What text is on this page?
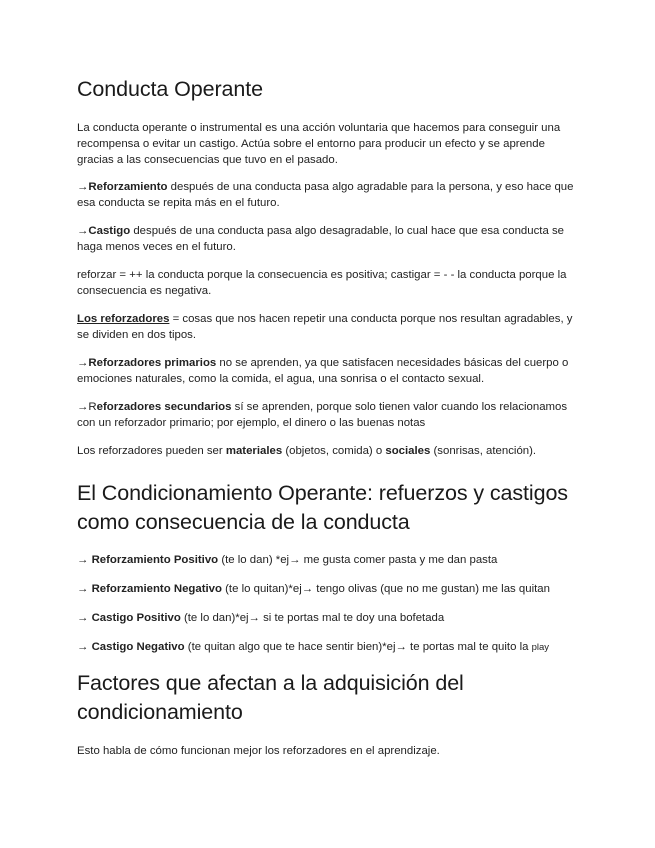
Conducta Operante

La conducta operante o instrumental es una acción voluntaria que hacemos para conseguir una recompensa o evitar un castigo. Actúa sobre el entorno para producir un efecto y se aprende gracias a las consecuencias que tuvo en el pasado.

→Reforzamiento después de una conducta pasa algo agradable para la persona, y eso hace que esa conducta se repita más en el futuro.

→Castigo después de una conducta pasa algo desagradable, lo cual hace que esa conducta se haga menos veces en el futuro.

reforzar = ++ la conducta porque la consecuencia es positiva; castigar = - - la conducta porque la consecuencia es negativa.

Los reforzadores = cosas que nos hacen repetir una conducta porque nos resultan agradables, y se dividen en dos tipos.

→Reforzadores primarios no se aprenden, ya que satisfacen necesidades básicas del cuerpo o emociones naturales, como la comida, el agua, una sonrisa o el contacto sexual.

→Reforzadores secundarios sí se aprenden, porque solo tienen valor cuando los relacionamos con un reforzador primario; por ejemplo, el dinero o las buenas notas

Los reforzadores pueden ser materiales (objetos, comida) o sociales (sonrisas, atención).

El Condicionamiento Operante: refuerzos y castigos como consecuencia de la conducta

→ Reforzamiento Positivo (te lo dan) *ej→ me gusta comer pasta y me dan pasta

→ Reforzamiento Negativo (te lo quitan)*ej→ tengo olivas (que no me gustan) me las quitan

→ Castigo Positivo (te lo dan)*ej→ si te portas mal te doy una bofetada

→ Castigo Negativo (te quitan algo que te hace sentir bien)*ej→ te portas mal te quito la play

Factores que afectan a la adquisición del condicionamiento

Esto habla de cómo funcionan mejor los reforzadores en el aprendizaje.
